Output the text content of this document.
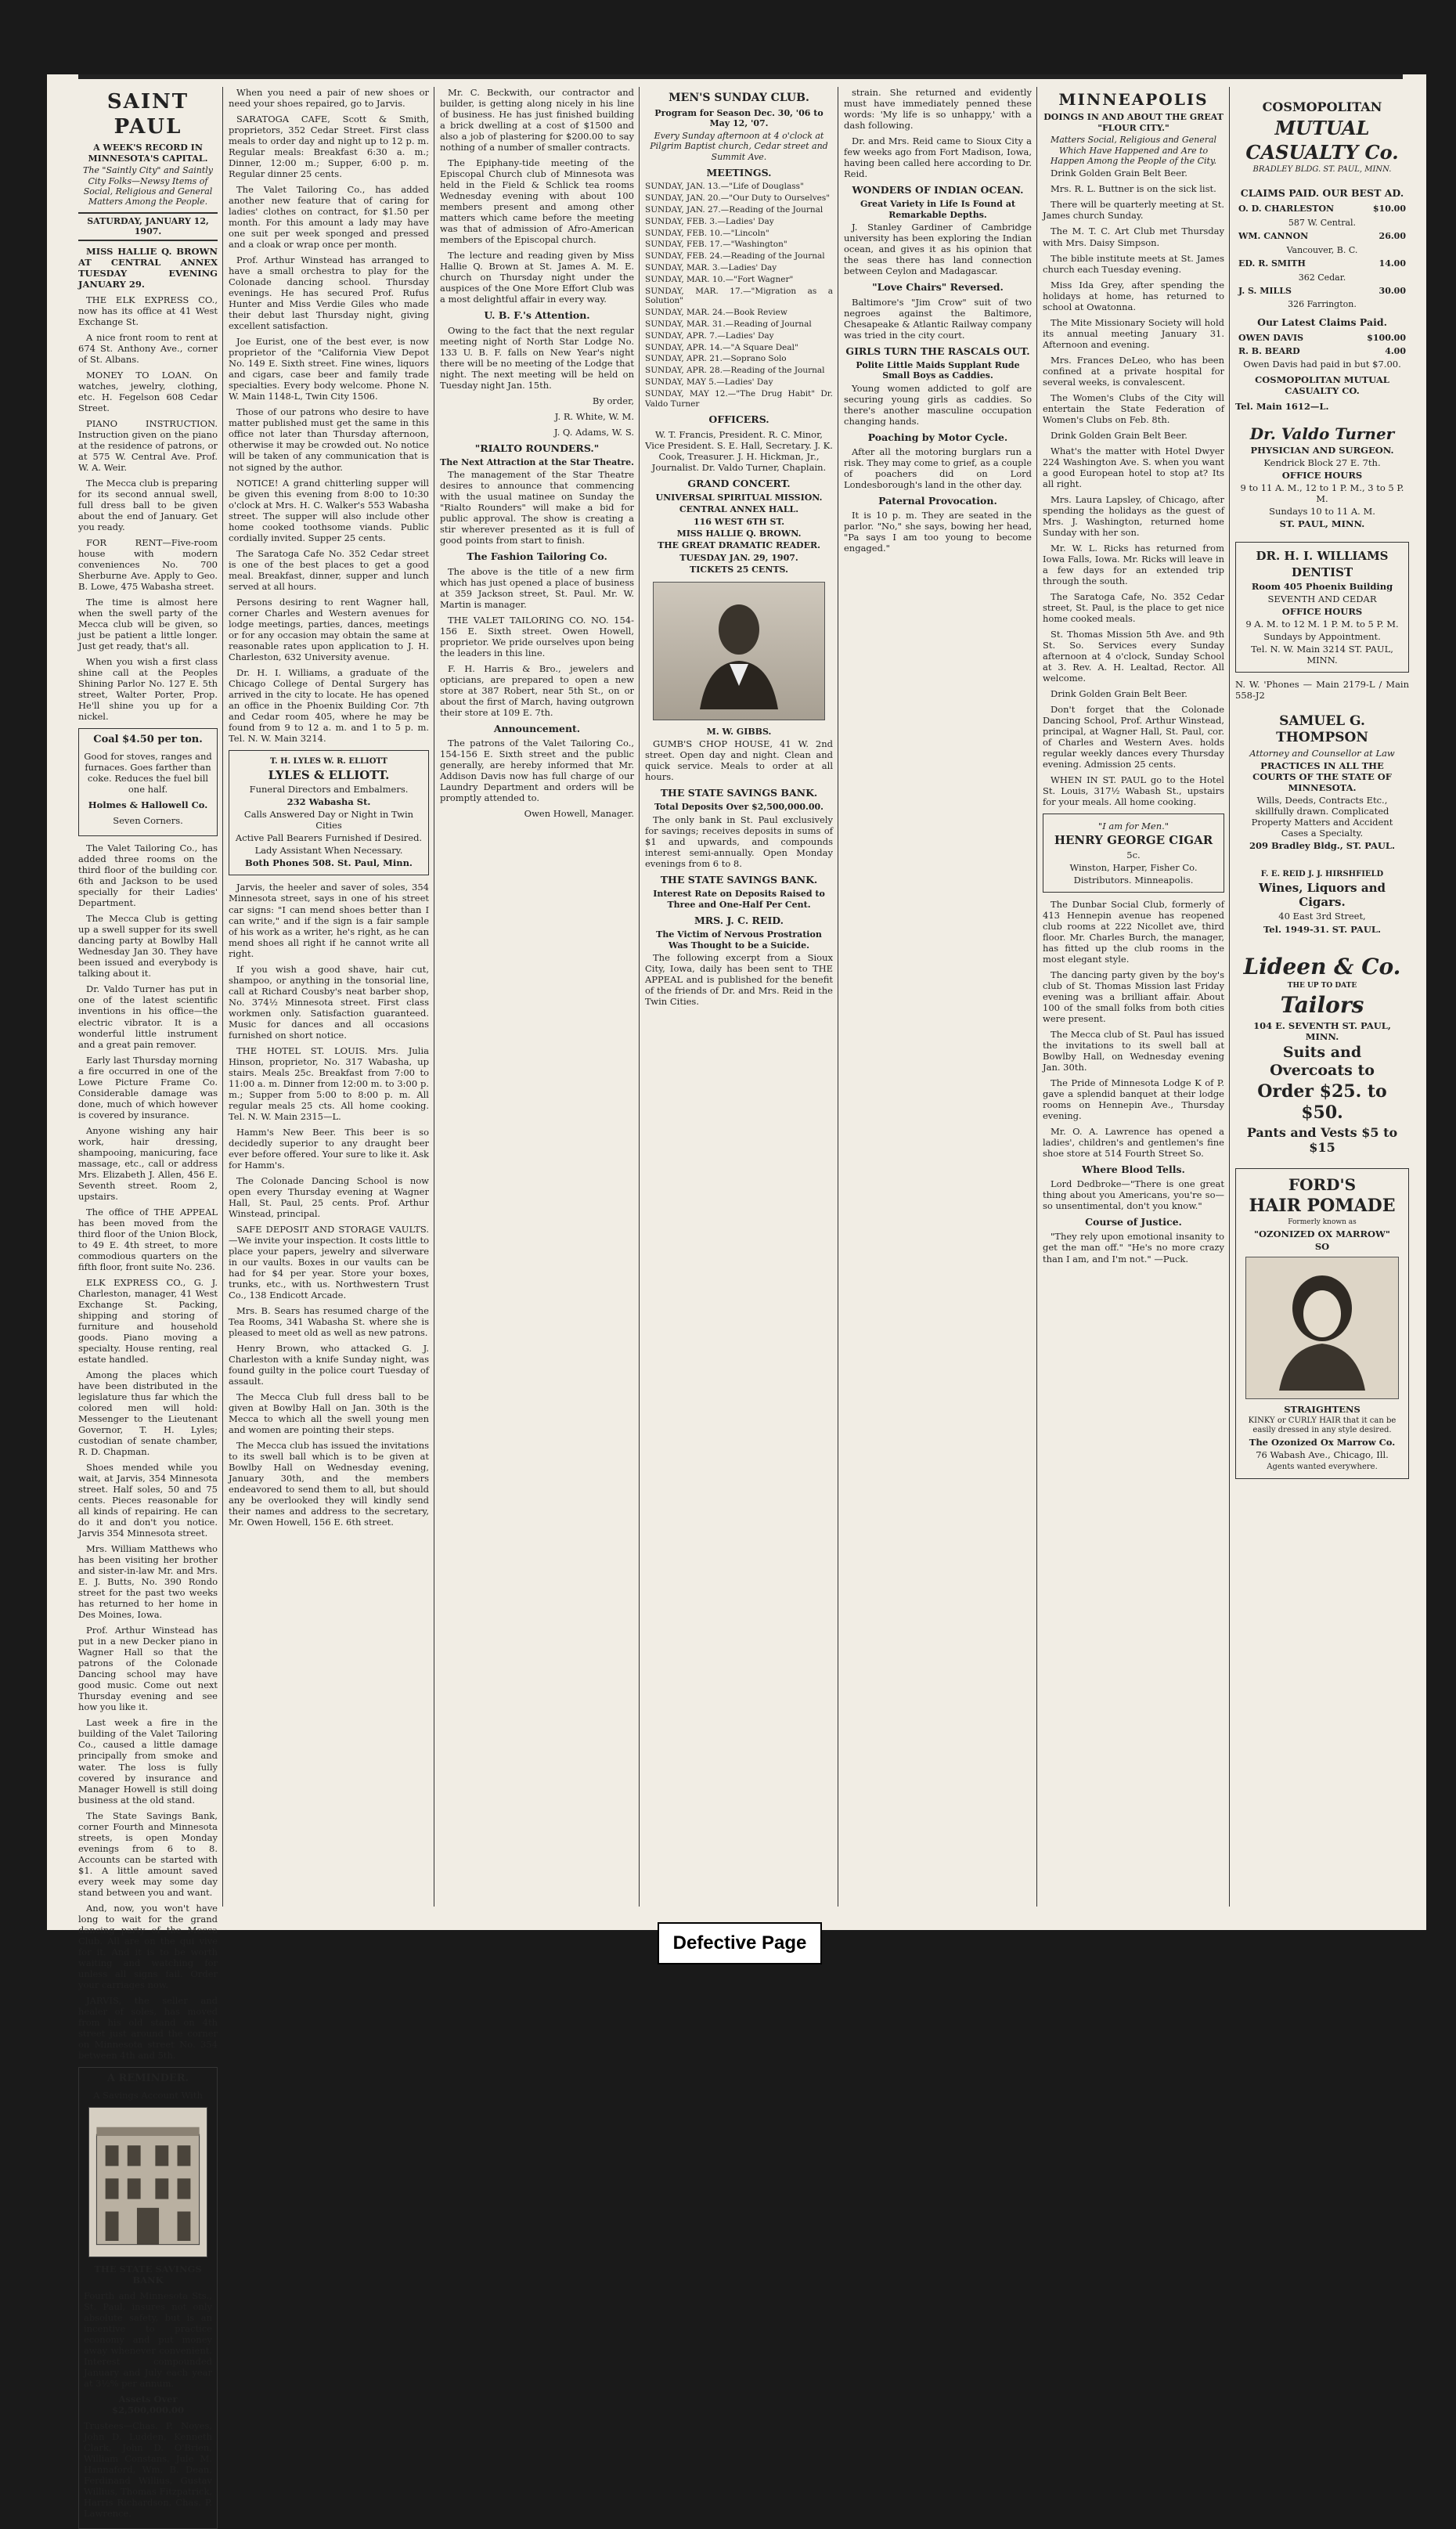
SAINT PAUL
A WEEK'S RECORD IN MINNESOTA'S CAPITAL.
The "Saintly City" and Saintly City Folks—Newsy Items of Social, Religious and General Matters Among the People.
SATURDAY, JANUARY 12, 1907.

MISS HALLIE Q. BROWN AT CENTRAL ANNEX TUESDAY EVENING JANUARY 29.

THE ELK EXPRESS CO., now has its office at 41 West Exchange St.

A nice front room to rent at 674 St. Anthony Ave., corner of St. Albans.

MONEY TO LOAN. On watches, jewelry, clothing, etc. H. Fegelson 608 Cedar Street.

PIANO INSTRUCTION. Instruction given on the piano at the residence of patrons, or at 575 W. Central Ave. Prof. W. A. Weir.

The Mecca club is preparing for its second annual swell, full dress ball to be given about the end of January. Get you ready.

FOR RENT—Five-room house with modern conveniences No. 700 Sherburne Ave. Apply to Geo. B. Lowe, 475 Wabasha street.

The time is almost here when the swell party of the Mecca club will be given, so just be patient a little longer. Just get ready, that's all.

When you wish a first class shine call at the Peoples Shining Parlor No. 127 E. 5th street, Walter Porter, Prop. He'll shine you up for a nickel.

Coal $4.50 per ton.

Good for stoves, ranges and furnaces. Goes farther than coke. Reduces the fuel bill one half.

Holmes & Hallowell Co.

Seven Corners.

The Valet Tailoring Co., has added three rooms on the third floor of the building cor. 6th and Jackson to be used specially for their Ladies' Department.

The Mecca Club is getting up a swell supper for its swell dancing party at Bowlby Hall Wednesday Jan 30. They have been issued and everybody is talking about it.

Dr. Valdo Turner has put in one of the latest scientific inventions in his office—the electric vibrator. It is a wonderful little instrument and a great pain remover.

Early last Thursday morning a fire occurred in one of the Lowe Picture Frame Co. Considerable damage was done, much of which however is covered by insurance.

Anyone wishing any hair work, hair dressing, shampooing, manicuring, face massage, etc., call or address Mrs. Elizabeth J. Allen, 456 E. Seventh street. Room 2, upstairs.

The office of THE APPEAL has been moved from the third floor of the Union Block, to 49 E. 4th street, to more commodious quarters on the fifth floor, front suite No. 236.

ELK EXPRESS CO., G. J. Charleston, manager, 41 West Exchange St. Packing, shipping and storing of furniture and household goods. Piano moving a specialty. House renting, real estate handled.

Among the places which have been distributed in the legislature thus far which the colored men will hold: Messenger to the Lieutenant Governor, T. H. Lyles; custodian of senate chamber, R. D. Chapman.

Shoes mended while you wait, at Jarvis, 354 Minnesota street. Half soles, 50 and 75 cents. Pieces reasonable for all kinds of repairing. He can do it and don't you notice. Jarvis 354 Minnesota street.

Mrs. William Matthews who has been visiting her brother and sister-in-law Mr. and Mrs. E. J. Butts, No. 390 Rondo street for the past two weeks has returned to her home in Des Moines, Iowa.

Prof. Arthur Winstead has put in a new Decker piano in Wagner Hall so that the patrons of the Colonade Dancing school may have good music. Come out next Thursday evening and see how you like it.

Last week a fire in the building of the Valet Tailoring Co., caused a little damage principally from smoke and water. The loss is fully covered by insurance and Manager Howell is still doing business at the old stand.

The State Savings Bank, corner Fourth and Minnesota streets, is open Monday evenings from 6 to 8. Accounts can be started with $1. A little amount saved every week may some day stand between you and want.

And, now, you won't have long to wait for the grand dancing party of the Mecca Club. All are on the qui vive for it. And it is to be worth waiting and watching for unless all signs fail. Order your carriages now.

JARVIS, the seller and healer of soles, has moved from his old stand on 4th street just around the corner on Minnesota street No. 354 between 4th and 5th.

A REMINDER.

A Savings Account With

THE STATE SAVINGS BANK

Fourth and Minnesota Sts., St. Paul, insures not only absolute safety, but is an incentive to practice economy and put money away whenever convenient. Interest compounded January and July each year at 3½% per annum.

Assets Over $2,500,000.00

Trustees—Chas. P. Noyes, John D. Ludden, Kenneth Clark, John D. O'Brien, William Constans, Jule M. Hannaford, Wm. B. Dean, Ferdinand Willius, Gustav Willius, Thomas Fitzpatrick, Harris Richardson, Chas. P. Lawrence.

When you need a pair of new shoes or need your shoes repaired, go to Jarvis.

SARATOGA CAFE, Scott & Smith, proprietors, 352 Cedar Street. First class meals to order day and night up to 12 p. m. Regular meals: Breakfast 6:30 a. m.; Dinner, 12:00 m.; Supper, 6:00 p. m. Regular dinner 25 cents.

The Valet Tailoring Co., has added another new feature that of caring for ladies' clothes on contract, for $1.50 per month. For this amount a lady may have one suit per week sponged and pressed and a cloak or wrap once per month.

Prof. Arthur Winstead has arranged to have a small orchestra to play for the Colonade dancing school. Thursday evenings. He has secured Prof. Rufus Hunter and Miss Verdie Giles who made their debut last Thursday night, giving excellent satisfaction.

Joe Eurist, one of the best ever, is now proprietor of the "California View Depot No. 149 E. Sixth street. Fine wines, liquors and cigars, case beer and family trade specialties. Every body welcome. Phone N. W. Main 1148-L, Twin City 1506.

Those of our patrons who desire to have matter published must get the same in this office not later than Thursday afternoon, otherwise it may be crowded out. No notice will be taken of any communication that is not signed by the author.

NOTICE! A grand chitterling supper will be given this evening from 8:00 to 10:30 o'clock at Mrs. H. C. Walker's 553 Wabasha street. The supper will also include other home cooked toothsome viands. Public cordially invited. Supper 25 cents.

The Saratoga Cafe No. 352 Cedar street is one of the best places to get a good meal. Breakfast, dinner, supper and lunch served at all hours.

Persons desiring to rent Wagner hall, corner Charles and Western avenues for lodge meetings, parties, dances, meetings or for any occasion may obtain the same at reasonable rates upon application to J. H. Charleston, 632 University avenue.

Dr. H. I. Williams, a graduate of the Chicago College of Dental Surgery has arrived in the city to locate. He has opened an office in the Phoenix Building Cor. 7th and Cedar room 405, where he may be found from 9 to 12 a. m. and 1 to 5 p. m. Tel. N. W. Main 3214.

T. H. LYLES W. R. ELLIOTT

LYLES & ELLIOTT.

Funeral Directors and Embalmers.

232 Wabasha St.

Calls Answered Day or Night in Twin Cities

Active Pall Bearers Furnished if Desired.

Lady Assistant When Necessary.

Both Phones 508. St. Paul, Minn.

Jarvis, the heeler and saver of soles, 354 Minnesota street, says in one of his street car signs: "I can mend shoes better than I can write," and if the sign is a fair sample of his work as a writer, he's right, as he can mend shoes all right if he cannot write all right.

If you wish a good shave, hair cut, shampoo, or anything in the tonsorial line, call at Richard Cousby's neat barber shop, No. 374½ Minnesota street. First class workmen only. Satisfaction guaranteed. Music for dances and all occasions furnished on short notice.

THE HOTEL ST. LOUIS. Mrs. Julia Hinson, proprietor, No. 317 Wabasha, up stairs. Meals 25c. Breakfast from 7:00 to 11:00 a. m. Dinner from 12:00 m. to 3:00 p. m.; Supper from 5:00 to 8:00 p. m. All regular meals 25 cts. All home cooking. Tel. N. W. Main 2315—L.

Hamm's New Beer. This beer is so decidedly superior to any draught beer ever before offered. Your sure to like it. Ask for Hamm's.

The Colonade Dancing School is now open every Thursday evening at Wagner Hall, St. Paul, 25 cents. Prof. Arthur Winstead, principal.

SAFE DEPOSIT AND STORAGE VAULTS.—We invite your inspection. It costs little to place your papers, jewelry and silverware in our vaults. Boxes in our vaults can be had for $4 per year. Store your boxes, trunks, etc., with us. Northwestern Trust Co., 138 Endicott Arcade.

Mrs. B. Sears has resumed charge of the Tea Rooms, 341 Wabasha St. where she is pleased to meet old as well as new patrons.

Henry Brown, who attacked G. J. Charleston with a knife Sunday night, was found guilty in the police court Tuesday of assault.

The Mecca Club full dress ball to be given at Bowlby Hall on Jan. 30th is the Mecca to which all the swell young men and women are pointing their steps.

The Mecca club has issued the invitations to its swell ball which is to be given at Bowlby Hall on Wednesday evening, January 30th, and the members endeavored to send them to all, but should any be overlooked they will kindly send their names and address to the secretary, Mr. Owen Howell, 156 E. 6th street.

Mr. C. Beckwith, our contractor and builder, is getting along nicely in his line of business. He has just finished building a brick dwelling at a cost of $1500 and also a job of plastering for $200.00 to say nothing of a number of smaller contracts.

The Epiphany-tide meeting of the Episcopal Church club of Minnesota was held in the Field & Schlick tea rooms Wednesday evening with about 100 members present and among other matters which came before the meeting was that of admission of Afro-American members of the Episcopal church.

The lecture and reading given by Miss Hallie Q. Brown at St. James A. M. E. church on Thursday night under the auspices of the One More Effort Club was a most delightful affair in every way.

U. B. F.'s Attention.

Owing to the fact that the next regular meeting night of North Star Lodge No. 133 U. B. F. falls on New Year's night there will be no meeting of the Lodge that night. The next meeting will be held on Tuesday night Jan. 15th.

By order,

J. R. White, W. M.

J. Q. Adams, W. S.

"RIALTO ROUNDERS."
The Next Attraction at the Star Theatre.

The management of the Star Theatre desires to announce that commencing with the usual matinee on Sunday the "Rialto Rounders" will make a bid for public approval. The show is creating a stir wherever presented as it is full of good points from start to finish.

The Fashion Tailoring Co.

The above is the title of a new firm which has just opened a place of business at 359 Jackson street, St. Paul. Mr. W. Martin is manager.

THE VALET TAILORING CO. NO. 154-156 E. Sixth street. Owen Howell, proprietor. We pride ourselves upon being the leaders in this line.

F. H. Harris & Bro., jewelers and opticians, are prepared to open a new store at 387 Robert, near 5th St., on or about the first of March, having outgrown their store at 109 E. 7th.

Announcement.

The patrons of the Valet Tailoring Co., 154-156 E. Sixth street and the public generally, are hereby informed that Mr. Addison Davis now has full charge of our Laundry Department and orders will be promptly attended to.

Owen Howell, Manager.

MEN'S SUNDAY CLUB.
Program for Season Dec. 30, '06 to May 12, '07.
Every Sunday afternoon at 4 o'clock at Pilgrim Baptist church, Cedar street and Summit Ave.
MEETINGS.

SUNDAY, JAN. 13.—"Life of Douglass"

SUNDAY, JAN. 20.—"Our Duty to Ourselves"

SUNDAY, JAN. 27.—Reading of the Journal

SUNDAY, FEB. 3.—Ladies' Day

SUNDAY, FEB. 10.—"Lincoln"

SUNDAY, FEB. 17.—"Washington"

SUNDAY, FEB. 24.—Reading of the Journal

SUNDAY, MAR. 3.—Ladies' Day

SUNDAY, MAR. 10.—"Fort Wagner"

SUNDAY, MAR. 17.—"Migration as a Solution"

SUNDAY, MAR. 24.—Book Review

SUNDAY, MAR. 31.—Reading of Journal

SUNDAY, APR. 7.—Ladies' Day

SUNDAY, APR. 14.—"A Square Deal"

SUNDAY, APR. 21.—Soprano Solo

SUNDAY, APR. 28.—Reading of the Journal

SUNDAY, MAY 5.—Ladies' Day

SUNDAY, MAY 12.—"The Drug Habit" Dr. Valdo Turner

OFFICERS.

W. T. Francis, President. R. C. Minor, Vice President. S. E. Hall, Secretary. J. K. Cook, Treasurer. J. H. Hickman, Jr., Journalist. Dr. Valdo Turner, Chaplain.

GRAND CONCERT.
UNIVERSAL SPIRITUAL MISSION.
CENTRAL ANNEX HALL.
116 WEST 6TH ST.
MISS HALLIE Q. BROWN.
THE GREAT DRAMATIC READER.
TUESDAY JAN. 29, 1907.
TICKETS 25 CENTS.
M. W. GIBBS.

GUMB'S CHOP HOUSE, 41 W. 2nd street. Open day and night. Clean and quick service. Meals to order at all hours.

THE STATE SAVINGS BANK.
Total Deposits Over $2,500,000.00.

The only bank in St. Paul exclusively for savings; receives deposits in sums of $1 and upwards, and compounds interest semi-annually. Open Monday evenings from 6 to 8.

THE STATE SAVINGS BANK.
Interest Rate on Deposits Raised to Three and One-Half Per Cent.
MRS. J. C. REID.
The Victim of Nervous Prostration Was Thought to be a Suicide.

The following excerpt from a Sioux City, Iowa, daily has been sent to THE APPEAL and is published for the benefit of the friends of Dr. and Mrs. Reid in the Twin Cities.

strain. She returned and evidently must have immediately penned these words: 'My life is so unhappy,' with a dash following.

Dr. and Mrs. Reid came to Sioux City a few weeks ago from Fort Madison, Iowa, having been called here according to Dr. Reid.

WONDERS OF INDIAN OCEAN.
Great Variety in Life Is Found at Remarkable Depths.

J. Stanley Gardiner of Cambridge university has been exploring the Indian ocean, and gives it as his opinion that the seas there has land connection between Ceylon and Madagascar.

"Love Chairs" Reversed.

Baltimore's "Jim Crow" suit of two negroes against the Baltimore, Chesapeake & Atlantic Railway company was tried in the city court.

GIRLS TURN THE RASCALS OUT.
Polite Little Maids Supplant Rude Small Boys as Caddies.

Young women addicted to golf are securing young girls as caddies. So there's another masculine occupation changing hands.

Poaching by Motor Cycle.

After all the motoring burglars run a risk. They may come to grief, as a couple of poachers did on Lord Londesborough's land in the other day.

Paternal Provocation.

It is 10 p. m. They are seated in the parlor. "No," she says, bowing her head, "Pa says I am too young to become engaged."

MINNEAPOLIS
DOINGS IN AND ABOUT THE GREAT "FLOUR CITY."
Matters Social, Religious and General Which Have Happened and Are to Happen Among the People of the City.

Drink Golden Grain Belt Beer.

Mrs. R. L. Buttner is on the sick list.

There will be quarterly meeting at St. James church Sunday.

The M. T. C. Art Club met Thursday with Mrs. Daisy Simpson.

The bible institute meets at St. James church each Tuesday evening.

Miss Ida Grey, after spending the holidays at home, has returned to school at Owatonna.

The Mite Missionary Society will hold its annual meeting January 31. Afternoon and evening.

Mrs. Frances DeLeo, who has been confined at a private hospital for several weeks, is convalescent.

The Women's Clubs of the City will entertain the State Federation of Women's Clubs on Feb. 8th.

Drink Golden Grain Belt Beer.

What's the matter with Hotel Dwyer 224 Washington Ave. S. when you want a good European hotel to stop at? Its all right.

Mrs. Laura Lapsley, of Chicago, after spending the holidays as the guest of Mrs. J. Washington, returned home Sunday with her son.

Mr. W. L. Ricks has returned from Iowa Falls, Iowa. Mr. Ricks will leave in a few days for an extended trip through the south.

The Saratoga Cafe, No. 352 Cedar street, St. Paul, is the place to get nice home cooked meals.

St. Thomas Mission 5th Ave. and 9th St. So. Services every Sunday afternoon at 4 o'clock, Sunday School at 3. Rev. A. H. Lealtad, Rector. All welcome.

Drink Golden Grain Belt Beer.

Don't forget that the Colonade Dancing School, Prof. Arthur Winstead, principal, at Wagner Hall, St. Paul, cor. of Charles and Western Aves. holds regular weekly dances every Thursday evening. Admission 25 cents.

WHEN IN ST. PAUL go to the Hotel St. Louis, 317½ Wabash St., upstairs for your meals. All home cooking.

"I am for Men."

HENRY GEORGE CIGAR

5c.

Winston, Harper, Fisher Co.

Distributors. Minneapolis.

The Dunbar Social Club, formerly of 413 Hennepin avenue has reopened club rooms at 222 Nicollet ave, third floor. Mr. Charles Burch, the manager, has fitted up the club rooms in the most elegant style.

The dancing party given by the boy's club of St. Thomas Mission last Friday evening was a brilliant affair. About 100 of the small folks from both cities were present.

The Mecca club of St. Paul has issued the invitations to its swell ball at Bowlby Hall, on Wednesday evening Jan. 30th.

The Pride of Minnesota Lodge K of P. gave a splendid banquet at their lodge rooms on Hennepin Ave., Thursday evening.

Mr. O. A. Lawrence has opened a ladies', children's and gentlemen's fine shoe store at 514 Fourth Street So.

Where Blood Tells.

Lord Dedbroke—"There is one great thing about you Americans, you're so—so unsentimental, don't you know."

Course of Justice.

"They rely upon emotional insanity to get the man off." "He's no more crazy than I am, and I'm not." —Puck.

COSMOPOLITAN

MUTUAL

CASUALTY Co.

BRADLEY BLDG. ST. PAUL, MINN.

CLAIMS PAID. OUR BEST AD.
O. D. CHARLESTON	$10.00
587 W. Central.
WM. CANNON	26.00
Vancouver, B. C.
ED. R. SMITH	14.00
362 Cedar.
J. S. MILLS	30.00
326 Farrington.
Our Latest Claims Paid.
OWEN DAVIS	$100.00
R. B. BEARD	4.00

Owen Davis had paid in but $7.00.

COSMOPOLITAN MUTUAL CASUALTY CO.

Tel. Main 1612—L.

Dr. Valdo Turner

PHYSICIAN AND SURGEON.

Kendrick Block 27 E. 7th.

OFFICE HOURS

9 to 11 A. M., 12 to 1 P. M., 3 to 5 P. M.

Sundays 10 to 11 A. M.

ST. PAUL, MINN.

DR. H. I. WILLIAMS

DENTIST

Room 405 Phoenix Building

SEVENTH AND CEDAR

OFFICE HOURS

9 A. M. to 12 M. 1 P. M. to 5 P. M.

Sundays by Appointment.

Tel. N. W. Main 3214 ST. PAUL, MINN.

N. W. 'Phones — Main 2179-L / Main 558-J2

SAMUEL G. THOMPSON

Attorney and Counsellor at Law

PRACTICES IN ALL THE COURTS OF THE STATE OF MINNESOTA.

Wills, Deeds, Contracts Etc., skillfully drawn. Complicated Property Matters and Accident Cases a Specialty.

209 Bradley Bldg., ST. PAUL.

F. E. REID J. J. HIRSHFIELD

Wines, Liquors and Cigars.

40 East 3rd Street,

Tel. 1949-31. ST. PAUL.

Lideen & Co.

THE UP TO DATE

Tailors

104 E. SEVENTH ST. PAUL, MINN.

Suits and Overcoats to

Order $25. to $50.

Pants and Vests $5 to $15

FORD'S

HAIR POMADE

Formerly known as

"OZONIZED OX MARROW"

SO

STRAIGHTENS

KINKY or CURLY HAIR that it can be easily dressed in any style desired.

The Ozonized Ox Marrow Co.

76 Wabash Ave., Chicago, Ill.

Agents wanted everywhere.

Defective Page
